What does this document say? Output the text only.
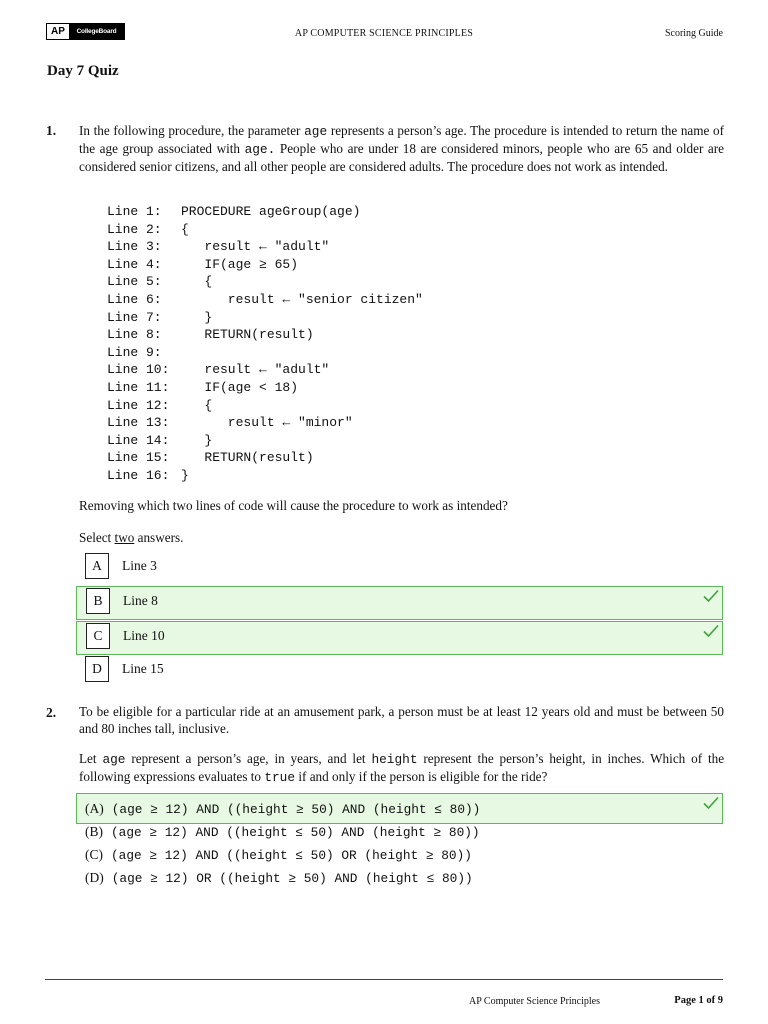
AP	CollegeBoard	AP COMPUTER SCIENCE PRINCIPLES	Scoring Guide
Day 7 Quiz
1. In the following procedure, the parameter age represents a person’s age. The procedure is intended to return the name of the age group associated with age. People who are under 18 are considered minors, people who are 65 and older are considered senior citizens, and all other people are considered adults. The procedure does not work as intended.
Line 1: PROCEDURE ageGroup(age)
Line 2: {
Line 3:   result ← "adult"
Line 4:   IF(age ≥ 65)
Line 5:   {
Line 6:      result ← "senior citizen"
Line 7:   }
Line 8:   RETURN(result)
Line 9:
Line 10:   result ← "adult"
Line 11:   IF(age < 18)
Line 12:   {
Line 13:      result ← "minor"
Line 14:   }
Line 15:   RETURN(result)
Line 16: }
Removing which two lines of code will cause the procedure to work as intended?
Select two answers.
A	Line 3
B	Line 8
C	Line 10
D	Line 15
2. To be eligible for a particular ride at an amusement park, a person must be at least 12 years old and must be between 50 and 80 inches tall, inclusive.
Let age represent a person’s age, in years, and let height represent the person’s height, in inches. Which of the following expressions evaluates to true if and only if the person is eligible for the ride?
(A) (age ≥ 12) AND ((height ≥ 50) AND (height ≤ 80))
(B) (age ≥ 12) AND ((height ≤ 50) AND (height ≥ 80))
(C) (age ≥ 12) AND ((height ≤ 50) OR (height ≥ 80))
(D) (age ≥ 12) OR ((height ≥ 50) AND (height ≤ 80))
AP Computer Science Principles	Page 1 of 9
